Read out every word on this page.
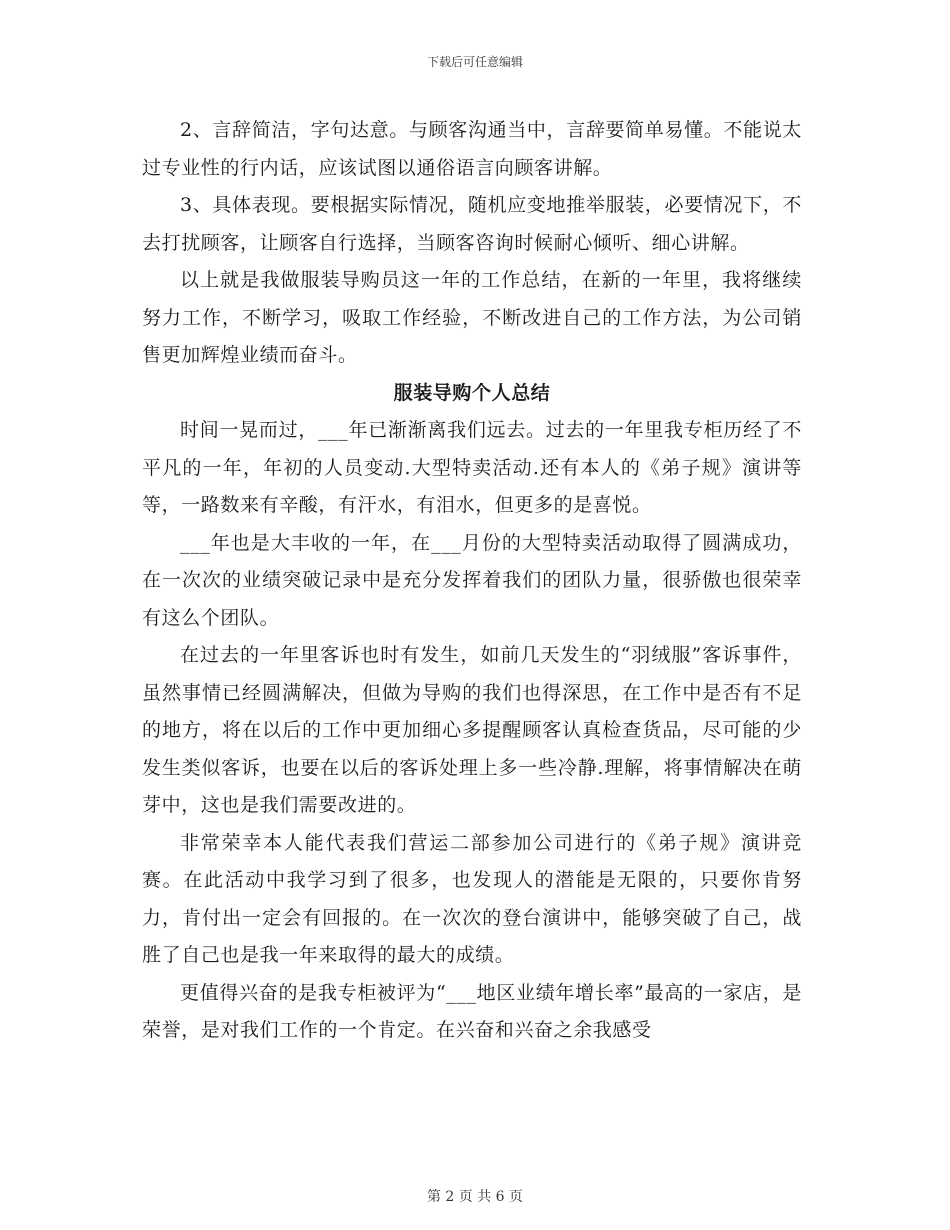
下载后可任意编辑

2、言辞简洁，字句达意。与顾客沟通当中，言辞要简单易懂。不能说太过专业性的行内话，应该试图以通俗语言向顾客讲解。

3、具体表现。要根据实际情况，随机应变地推举服装，必要情况下，不去打扰顾客，让顾客自行选择，当顾客咨询时候耐心倾听、细心讲解。

以上就是我做服装导购员这一年的工作总结，在新的一年里，我将继续努力工作，不断学习，吸取工作经验，不断改进自己的工作方法，为公司销售更加辉煌业绩而奋斗。

服装导购个人总结

时间一晃而过，___年已渐渐离我们远去。过去的一年里我专柜历经了不平凡的一年，年初的人员变动.大型特卖活动.还有本人的《弟子规》演讲等等，一路数来有辛酸，有汗水，有泪水，但更多的是喜悦。

___年也是大丰收的一年，在___月份的大型特卖活动取得了圆满成功，在一次次的业绩突破记录中是充分发挥着我们的团队力量，很骄傲也很荣幸有这么个团队。

在过去的一年里客诉也时有发生，如前几天发生的“羽绒服”客诉事件，虽然事情已经圆满解决，但做为导购的我们也得深思，在工作中是否有不足的地方，将在以后的工作中更加细心多提醒顾客认真检查货品，尽可能的少发生类似客诉，也要在以后的客诉处理上多一些冷静.理解，将事情解决在萌芽中，这也是我们需要改进的。

非常荣幸本人能代表我们营运二部参加公司进行的《弟子规》演讲竞赛。在此活动中我学习到了很多，也发现人的潜能是无限的，只要你肯努力，肯付出一定会有回报的。在一次次的登台演讲中，能够突破了自己，战胜了自己也是我一年来取得的最大的成绩。

更值得兴奋的是我专柜被评为“___地区业绩年增长率”最高的一家店，是荣誉，是对我们工作的一个肯定。在兴奋和兴奋之余我感受

第 2 页 共 6 页
